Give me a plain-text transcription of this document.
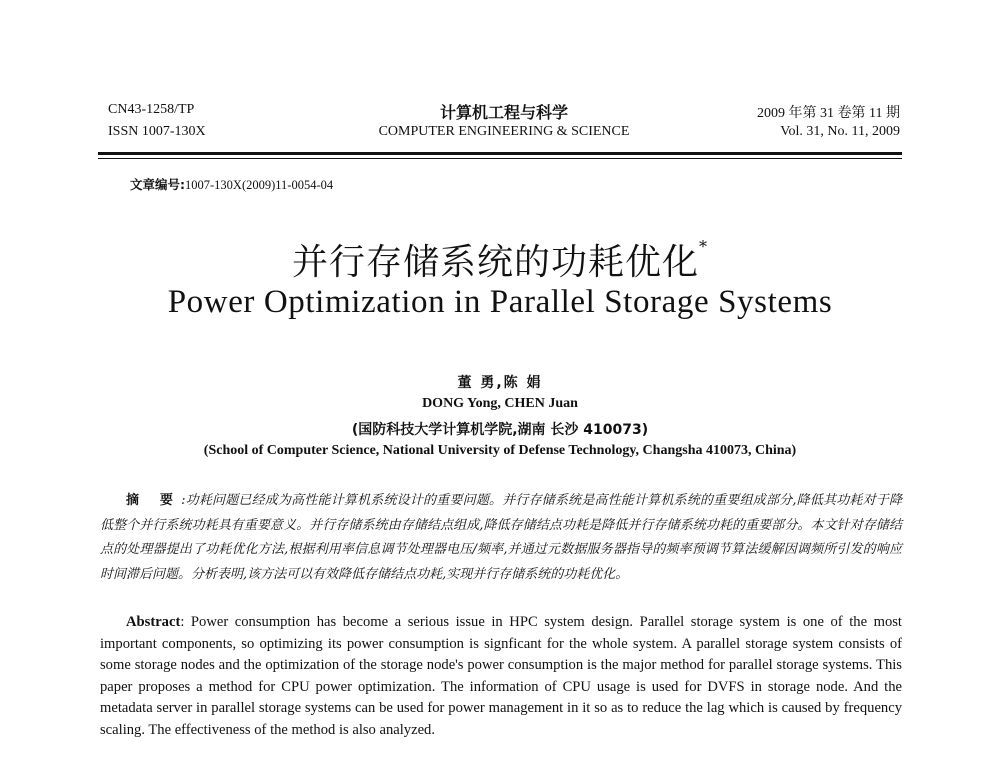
CN43-1258/TP	计算机工程与科学	2009 年第 31 卷第 11 期
ISSN 1007-130X	COMPUTER ENGINEERING & SCIENCE	Vol. 31, No. 11, 2009
文章编号:1007-130X(2009)11-0054-04
并行存储系统的功耗优化*
Power Optimization in Parallel Storage Systems
董 勇,陈 娟
DONG Yong, CHEN Juan
(国防科技大学计算机学院,湖南 长沙 410073)
(School of Computer Science, National University of Defense Technology, Changsha 410073, China)
摘 要:功耗问题已经成为高性能计算机系统设计的重要问题。并行存储系统是高性能计算机系统的重要组成部分,降低其功耗对于降低整个并行系统功耗具有重要意义。并行存储系统由存储结点组成,降低存储结点功耗是降低并行存储系统功耗的重要部分。本文针对存储结点的处理器提出了功耗优化方法,根据利用率信息调节处理器电压/频率,并通过元数据服务器指导的频率预调节算法缓解因调频所引发的响应时间滞后问题。分析表明,该方法可以有效降低存储结点功耗,实现并行存储系统的功耗优化。
Abstract: Power consumption has become a serious issue in HPC system design. Parallel storage system is one of the most important components, so optimizing its power consumption is signficant for the whole system. A parallel storage system consists of some storage nodes and the optimization of the storage node's power consumption is the major method for parallel storage systems. This paper proposes a method for CPU power optimization. The information of CPU usage is used for DVFS in storage node. And the metadata server in parallel storage systems can be used for power management in it so as to reduce the lag which is caused by frequency scaling. The effectiveness of the method is also analyzed.
